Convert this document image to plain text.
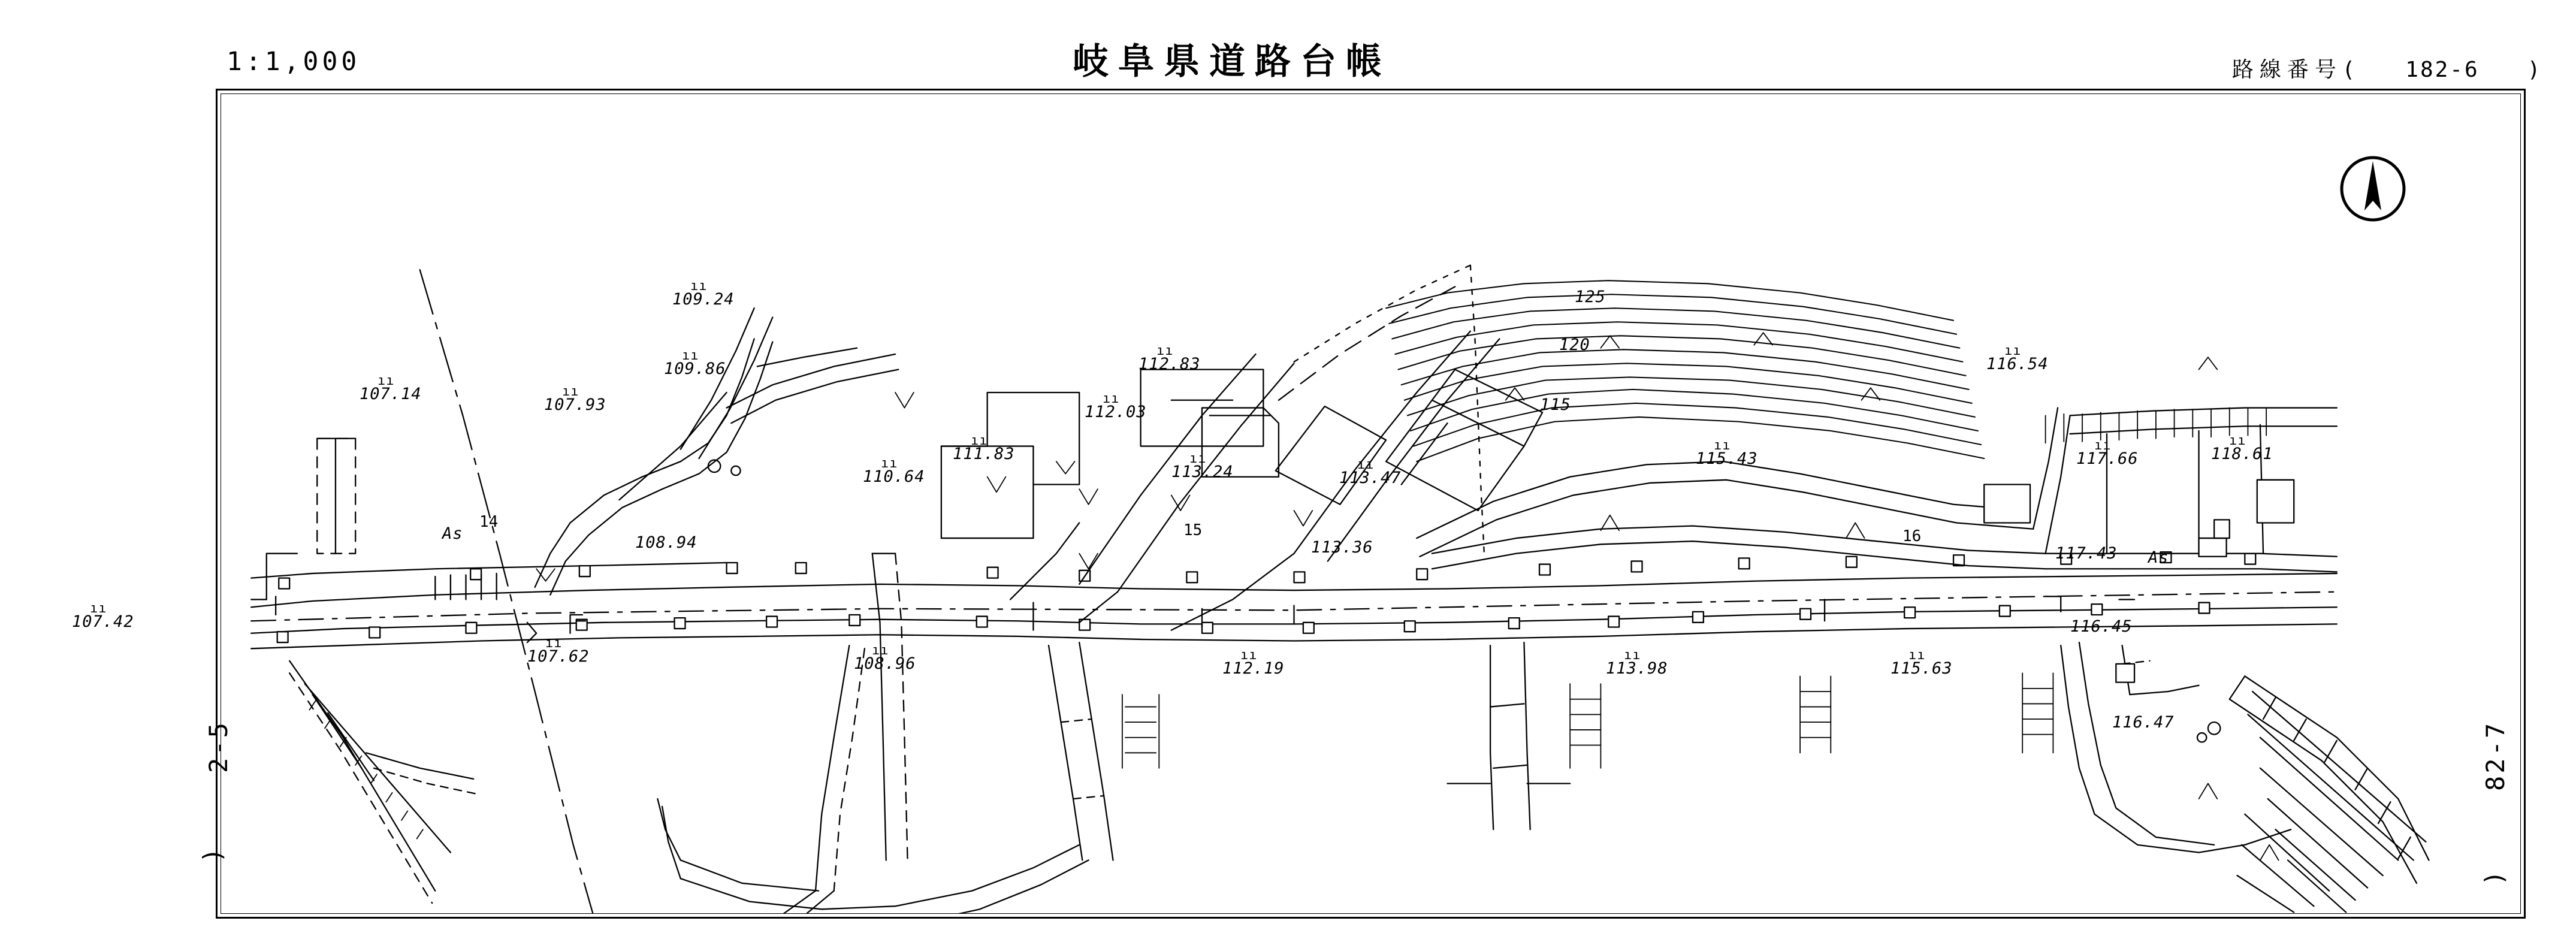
1:1,000	岐阜県道路台帳	路線番号 ( 182-6 )
2-5	82-7
ıı
107.14	ıı
107.93
ıı
109.24
ıı
109.86
ıı
110.64
ıı
111.83
ıı
112.03
ıı
112.83
ıı
113.24	ıı
113.47
ıı
115.43
ıı
116.54
ıı
117.66
ıı
118.61
ıı
107.42
ıı
107.62	ıı
108.96	ıı
112.19
ıı
113.98
ıı
115.63
108.94	113.36	117.43
116.45
116.47
125
120
115
As
As
14	15	16
)
)
